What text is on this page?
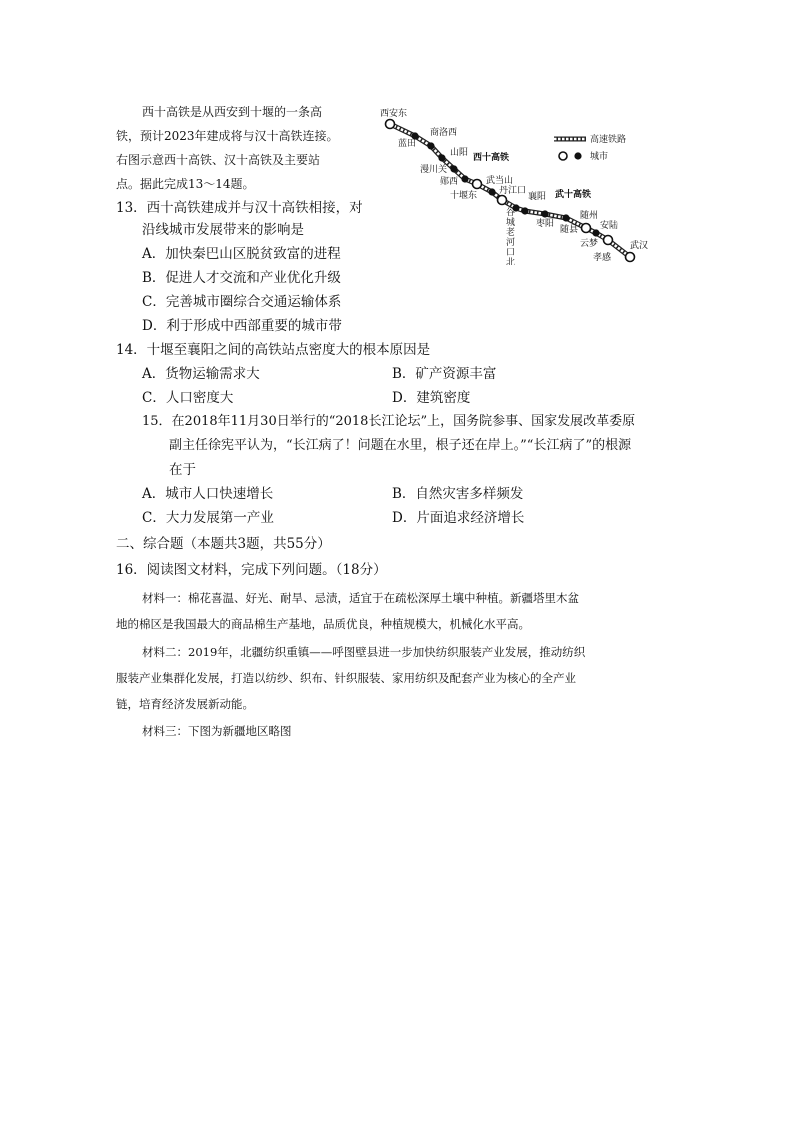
西十高铁是从西安到十堰的一条高
铁，预计2023年建成将与汉十高铁连接。
右图示意西十高铁、汉十高铁及主要站
点。据此完成13～14题。
西安东
蓝田
商洛西
山阳 西十高铁
漫川关
郧西
十堰东
武当山
丹江口
襄阳 武十高铁
谷
城
老
河
口
北
枣阳
随州
随县 安陆
云梦
孝感
武汉
高速铁路
城市
13．西十高铁建成并与汉十高铁相接，对
沿线城市发展带来的影响是
A．加快秦巴山区脱贫致富的进程
B．促进人才交流和产业优化升级
C．完善城市圈综合交通运输体系
D．利于形成中西部重要的城市带
14．十堰至襄阳之间的高铁站点密度大的根本原因是
A．货物运输需求大	B．矿产资源丰富
C．人口密度大	D．建筑密度
15．在2018年11月30日举行的“2018长江论坛”上，国务院参事、国家发展改革委原
副主任徐宪平认为，“长江病了！问题在水里，根子还在岸上。”“长江病了”的根源
在于
A．城市人口快速增长	B．自然灾害多样频发
C．大力发展第一产业	D．片面追求经济增长
二、综合题（本题共3题，共55分）
16．阅读图文材料，完成下列问题。（18分）
材料一：棉花喜温、好光、耐旱、忌渍，适宜于在疏松深厚土壤中种植。新疆塔里木盆
地的棉区是我国最大的商品棉生产基地，品质优良，种植规模大，机械化水平高。
材料二：2019年，北疆纺织重镇——呼图壁县进一步加快纺织服装产业发展，推动纺织
服装产业集群化发展，打造以纺纱、织布、针织服装、家用纺织及配套产业为核心的全产业
链，培育经济发展新动能。
材料三：下图为新疆地区略图
